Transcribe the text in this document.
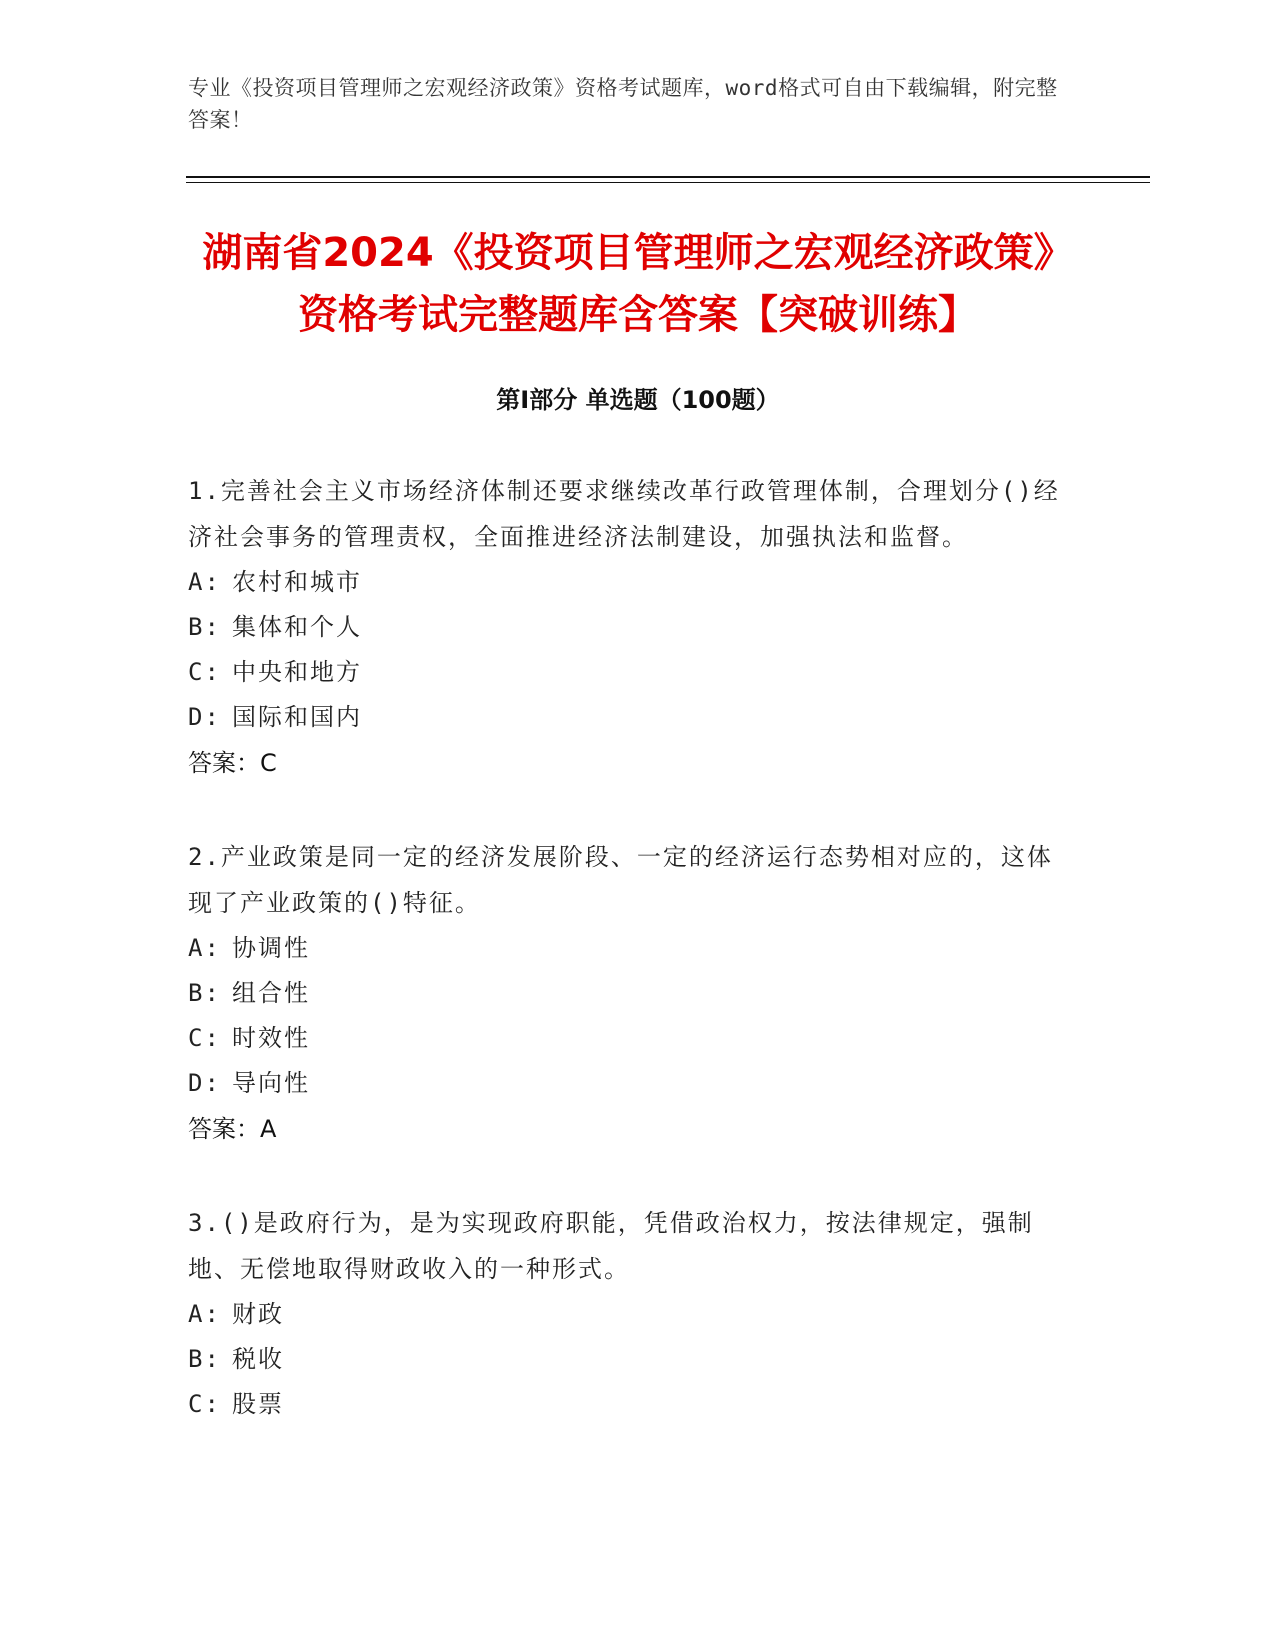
专业《投资项目管理师之宏观经济政策》资格考试题库，word格式可自由下载编辑，附完整答案！
湖南省2024《投资项目管理师之宏观经济政策》资格考试完整题库含答案【突破训练】
第I部分 单选题（100题）

1.完善社会主义市场经济体制还要求继续改革行政管理体制，合理划分()经济社会事务的管理责权，全面推进经济法制建设，加强执法和监督。

A: 农村和城市

B: 集体和个人

C: 中央和地方

D: 国际和国内

答案：C

2.产业政策是同一定的经济发展阶段、一定的经济运行态势相对应的，这体现了产业政策的()特征。

A: 协调性

B: 组合性

C: 时效性

D: 导向性

答案：A

3.()是政府行为，是为实现政府职能，凭借政治权力，按法律规定，强制地、无偿地取得财政收入的一种形式。

A: 财政

B: 税收

C: 股票
